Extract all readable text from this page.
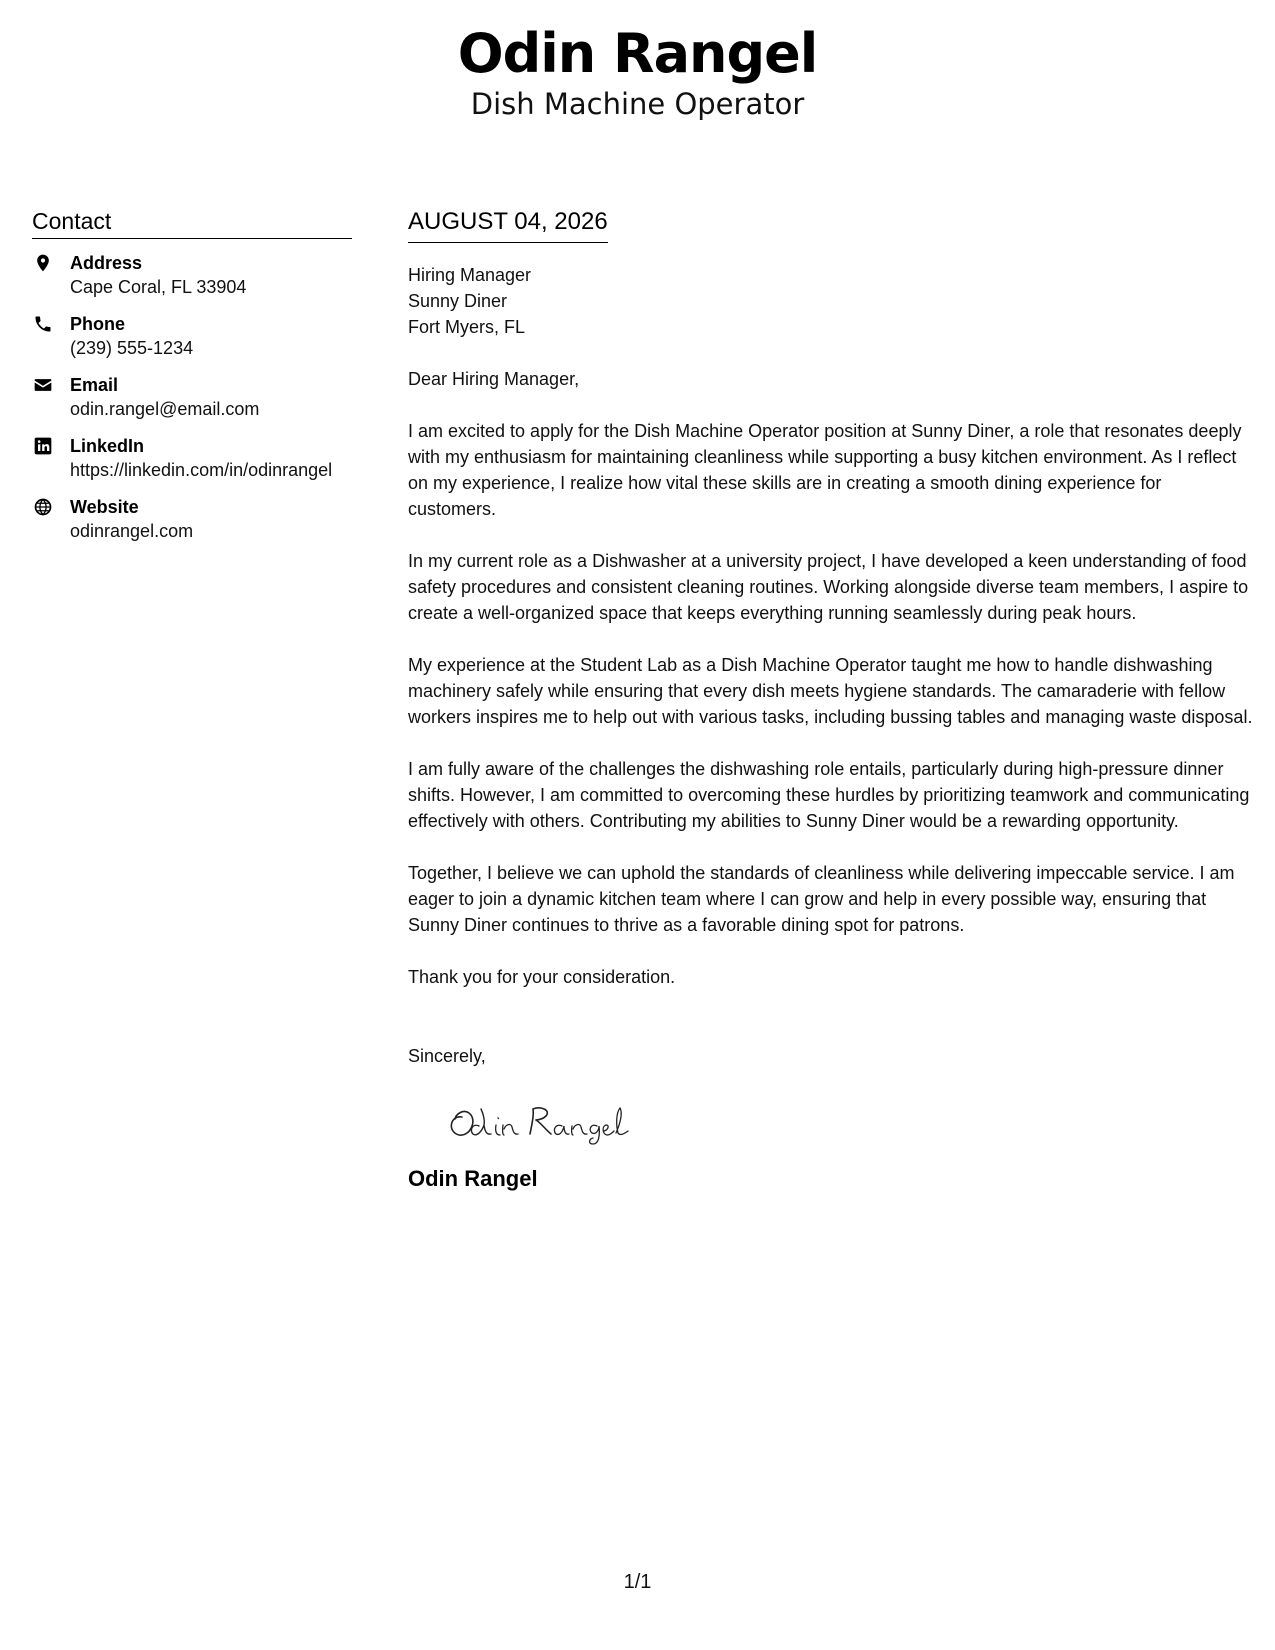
Odin Rangel
Dish Machine Operator
Contact
Address
Cape Coral, FL 33904
Phone
(239) 555-1234
Email
odin.rangel@email.com
LinkedIn
https://linkedin.com/in/odinrangel
Website
odinrangel.com
AUGUST 04, 2026
Hiring Manager
Sunny Diner
Fort Myers, FL
Dear Hiring Manager,
I am excited to apply for the Dish Machine Operator position at Sunny Diner, a role that resonates deeply with my enthusiasm for maintaining cleanliness while supporting a busy kitchen environment. As I reflect on my experience, I realize how vital these skills are in creating a smooth dining experience for customers.
In my current role as a Dishwasher at a university project, I have developed a keen understanding of food safety procedures and consistent cleaning routines. Working alongside diverse team members, I aspire to create a well-organized space that keeps everything running seamlessly during peak hours.
My experience at the Student Lab as a Dish Machine Operator taught me how to handle dishwashing machinery safely while ensuring that every dish meets hygiene standards. The camaraderie with fellow workers inspires me to help out with various tasks, including bussing tables and managing waste disposal.
I am fully aware of the challenges the dishwashing role entails, particularly during high-pressure dinner shifts. However, I am committed to overcoming these hurdles by prioritizing teamwork and communicating effectively with others. Contributing my abilities to Sunny Diner would be a rewarding opportunity.
Together, I believe we can uphold the standards of cleanliness while delivering impeccable service. I am eager to join a dynamic kitchen team where I can grow and help in every possible way, ensuring that Sunny Diner continues to thrive as a favorable dining spot for patrons.
Thank you for your consideration.
Sincerely,
Odin Rangel
1/1
